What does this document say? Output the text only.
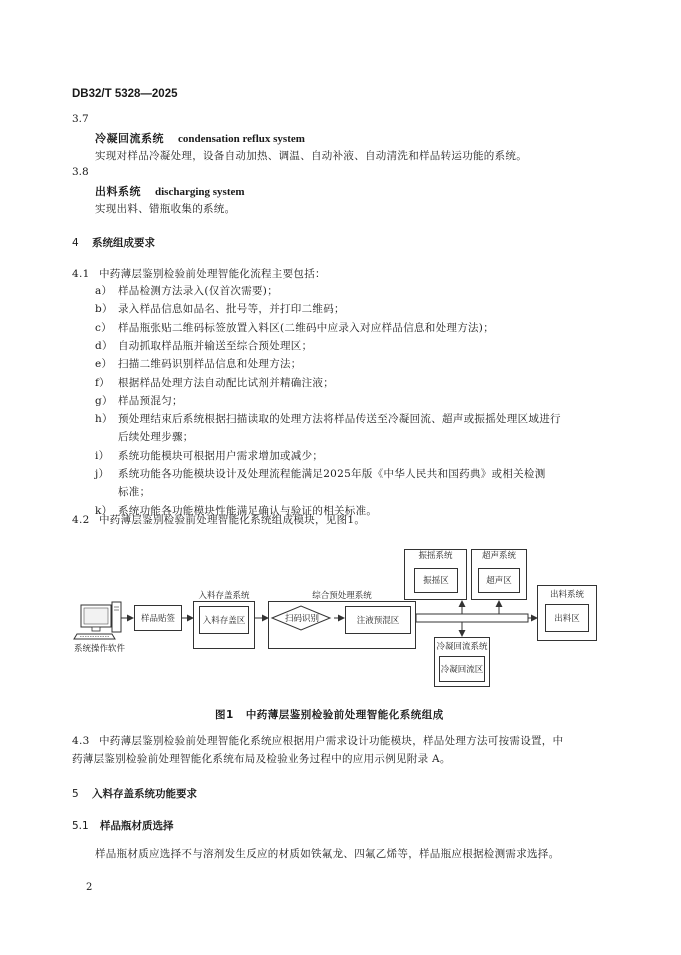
DB32/T 5328—2025
3.7
冷凝回流系统 condensation reflux system
实现对样品冷凝处理，设备自动加热、调温、自动补液、自动清洗和样品转运功能的系统。
3.8
出料系统 discharging system
实现出料、错瓶收集的系统。
4 系统组成要求
4.1 中药薄层鉴别检验前处理智能化流程主要包括：
a） 样品检测方法录入(仅首次需要)；
b） 录入样品信息如品名、批号等，并打印二维码；
c） 样品瓶张贴二维码标签放置入料区(二维码中应录入对应样品信息和处理方法)；
d） 自动抓取样品瓶并输送至综合预处理区；
e） 扫描二维码识别样品信息和处理方法；
f） 根据样品处理方法自动配比试剂并精确注液；
g） 样品预混匀；
h） 预处理结束后系统根据扫描读取的处理方法将样品传送至冷凝回流、超声或振摇处理区域进行
后续处理步骤；
i） 系统功能模块可根据用户需求增加或减少；
j） 系统功能各功能模块设计及处理流程能满足2025年版《中华人民共和国药典》或相关检测
标准；
k） 系统功能各功能模块性能满足确认与验证的相关标准。
4.2 中药薄层鉴别检验前处理智能化系统组成模块，见图1。
系统操作软件
样品贴签
入料存盖系统
入料存盖区
综合预处理系统
扫码识别	注液预混区
振摇系统
振摇区
超声系统
超声区
出料系统
出料区
冷凝回流系统
冷凝回流区
图1 中药薄层鉴别检验前处理智能化系统组成
4.3 中药薄层鉴别检验前处理智能化系统应根据用户需求设计功能模块，样品处理方法可按需设置，中
药薄层鉴别检验前处理智能化系统布局及检验业务过程中的应用示例见附录 A。
5 入料存盖系统功能要求
5.1 样品瓶材质选择
样品瓶材质应选择不与溶剂发生反应的材质如铁氟龙、四氟乙烯等，样品瓶应根据检测需求选择。
2
